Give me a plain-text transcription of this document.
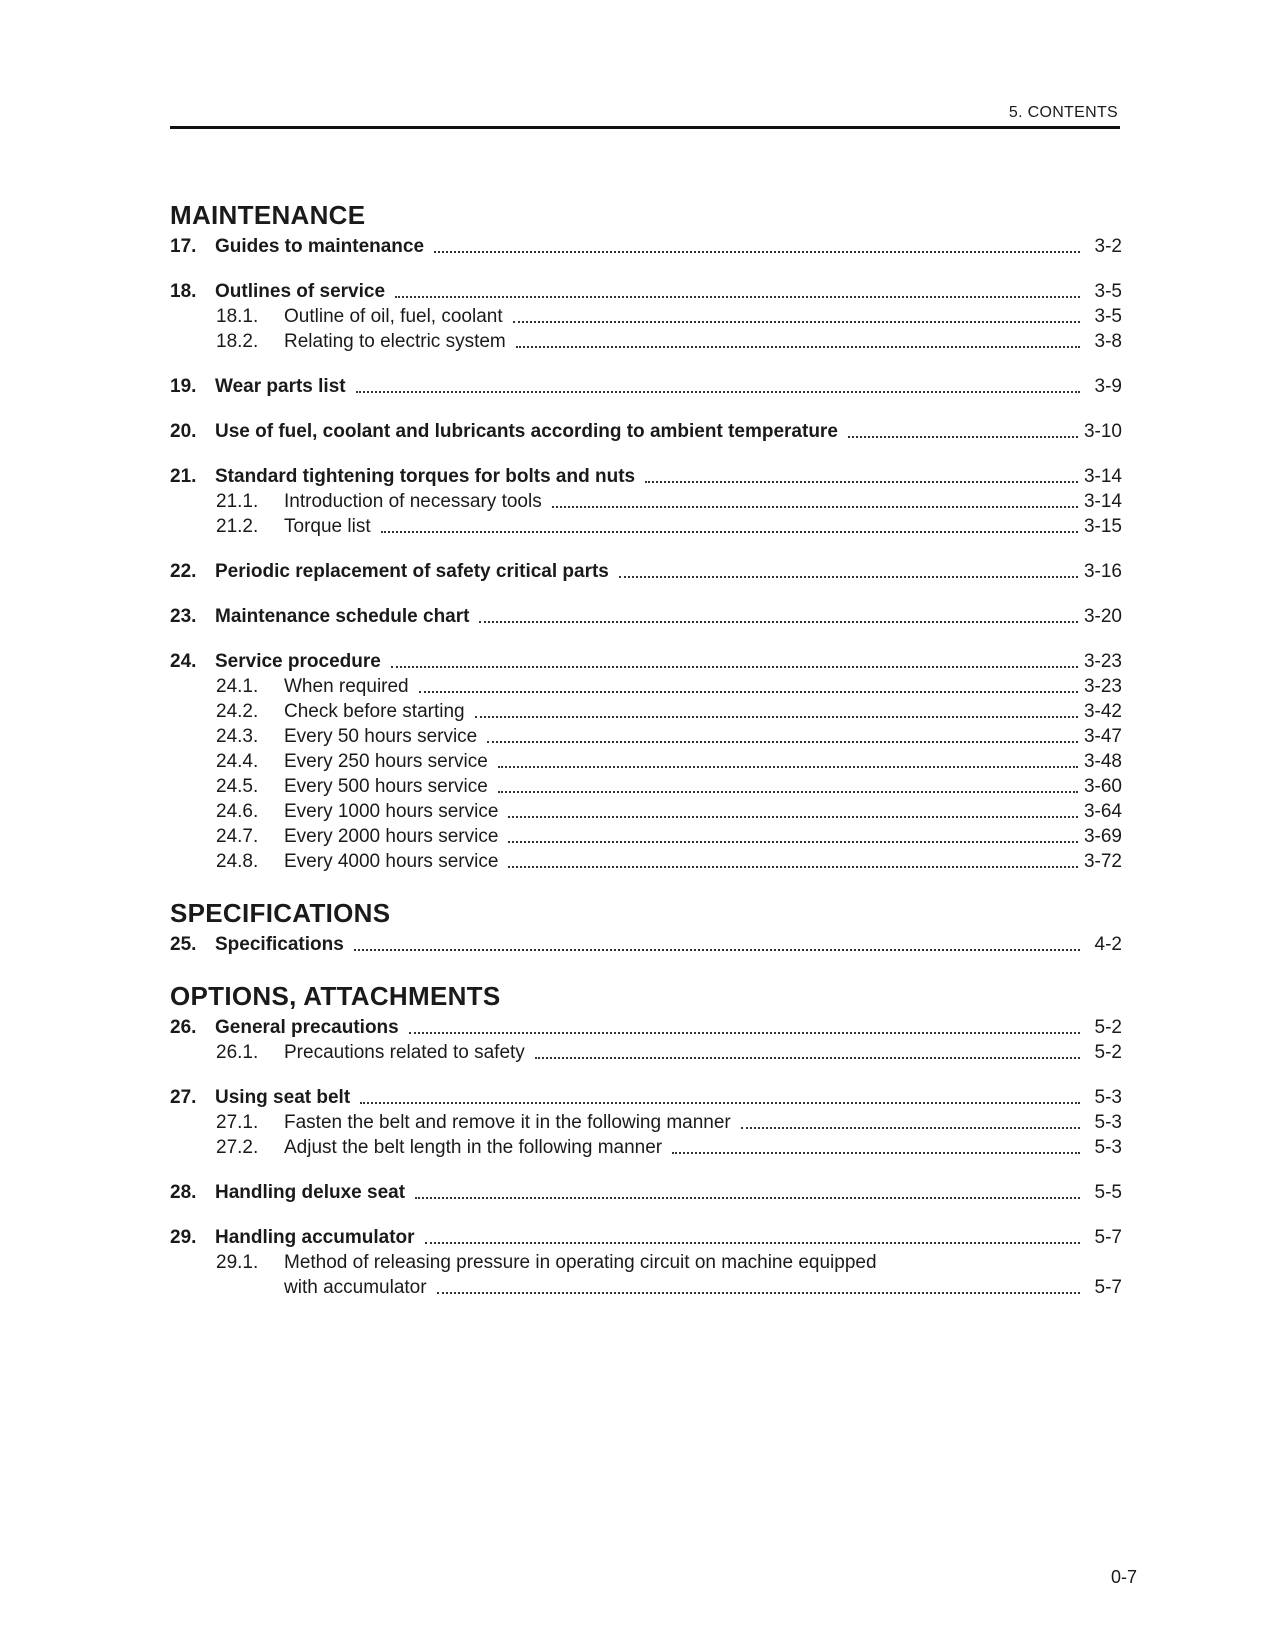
5. CONTENTS
MAINTENANCE
17. Guides to maintenance	3-2
18. Outlines of service	3-5
18.1.	Outline of oil, fuel, coolant	3-5
18.2.	Relating to electric system	3-8
19. Wear parts list	3-9
20. Use of fuel, coolant and lubricants according to ambient temperature	3-10
21. Standard tightening torques for bolts and nuts	3-14
21.1.	Introduction of necessary tools	3-14
21.2.	Torque list	3-15
22. Periodic replacement of safety critical parts	3-16
23. Maintenance schedule chart	3-20
24. Service procedure	3-23
24.1.	When required	3-23
24.2.	Check before starting	3-42
24.3.	Every 50 hours service	3-47
24.4.	Every 250 hours service	3-48
24.5.	Every 500 hours service	3-60
24.6.	Every 1000 hours service	3-64
24.7.	Every 2000 hours service	3-69
24.8.	Every 4000 hours service	3-72
SPECIFICATIONS
25. Specifications	4-2
OPTIONS, ATTACHMENTS
26. General precautions	5-2
26.1.	Precautions related to safety	5-2
27. Using seat belt	5-3
27.1.	Fasten the belt and remove it in the following manner	5-3
27.2.	Adjust the belt length in the following manner	5-3
28. Handling deluxe seat	5-5
29. Handling accumulator	5-7
29.1.	Method of releasing pressure in operating circuit on machine equipped
with accumulator	5-7
0-7
